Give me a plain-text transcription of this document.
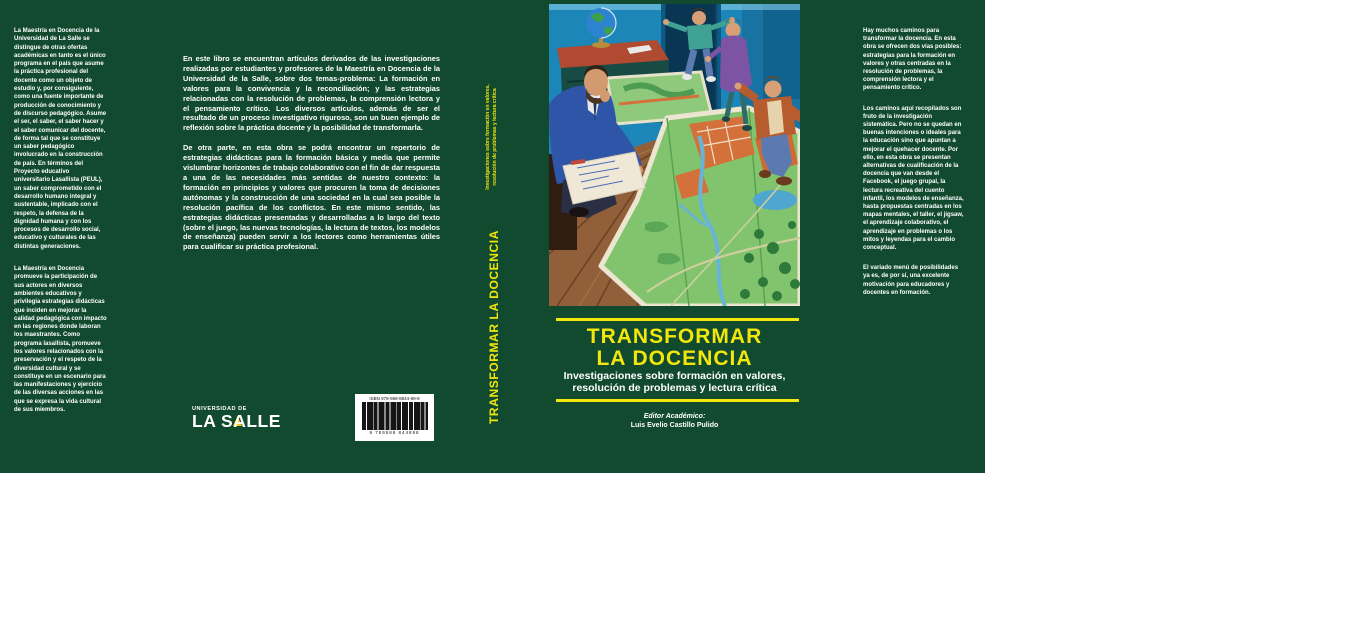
La Maestría en Docencia de la Universidad de La Salle se distingue de otras ofertas académicas en tanto es el único programa en el país que asume la práctica profesional del docente como un objeto de estudio y, por consiguiente, como una fuente importante de producción de conocimiento y de discurso pedagógico. Asume el ser, el saber, el saber hacer y el saber comunicar del docente, de forma tal que se constituye un saber pedagógico involucrado en la construcción de país. En términos del Proyecto educativo universitario Lasallista (PEUL), un saber comprometido con el desarrollo humano integral y sustentable, implicado con el respeto, la defensa de la dignidad humana y con los procesos de desarrollo social, educativo y culturales de las distintas generaciones.

La Maestría en Docencia promueve la participación de sus actores en diversos ambientes educativos y privilegia estrategias didácticas que inciden en mejorar la calidad pedagógica con impacto en las regiones donde laboran los maestrantes. Como programa lasallista, promueve los valores relacionados con la preservación y el respeto de la diversidad cultural y se constituye en un escenario para las manifestaciones y ejercicio de las diversas acciones en las que se expresa la vida cultural de sus miembros.

En este libro se encuentran artículos derivados de las investigaciones realizadas por estudiantes y profesores de la Maestría en Docencia de la Universidad de la Salle, sobre dos temas-problema: La formación en valores para la convivencia y la reconciliación; y las estrategias relacionadas con la resolución de problemas, la comprensión lectora y el pensamiento crítico. Los diversos artículos, además de ser el resultado de un proceso investigativo riguroso, son un buen ejemplo de reflexión sobre la práctica docente y la posibilidad de transformarla.

De otra parte, en esta obra se podrá encontrar un repertorio de estrategias didácticas para la formación básica y media que permite vislumbrar horizontes de trabajo colaborativo con el fin de dar respuesta a una de las necesidades más sentidas de nuestro contexto: la formación en principios y valores que procuren la toma de decisiones autónomas y la construcción de una sociedad en la cual sea posible la resolución pacífica de los conflictos. En este mismo sentido, las estrategias didácticas presentadas y desarrolladas a lo largo del texto (sobre el juego, las nuevas tecnologías, la lectura de textos, los modelos de enseñanza) pueden servir a los lectores como herramientas útiles para cualificar su práctica profesional.

UNIVERSIDAD DE
LA SALLE
ISBN 978-958-8844-89-8
9 789588 844898
Investigaciones sobre formación en valores, resolución de problemas y lectura crítica
TRANSFORMAR LA DOCENCIA	TRANSFORMAR
LA DOCENCIA
Investigaciones sobre formación en valores,
resolución de problemas y lectura crítica
Editor Académico:
Luis Evelio Castillo Pulido

Hay muchos caminos para transformar la docencia. En esta obra se ofrecen dos vías posibles: estrategias para la formación en valores y otras centradas en la resolución de problemas, la comprensión lectora y el pensamiento crítico.

Los caminos aquí recopilados son fruto de la investigación sistemática. Pero no se quedan en buenas intenciones o ideales para la educación sino que apuntan a mejorar el quehacer docente. Por ello, en esta obra se presentan alternativas de cualificación de la docencia que van desde el Facebook, el juego grupal, la lectura recreativa del cuento infantil, los modelos de enseñanza, hasta propuestas centradas en los mapas mentales, el taller, el jigsaw, el aprendizaje colaborativo, el aprendizaje en problemas o los mitos y leyendas para el cambio conceptual.

El variado menú de posibilidades ya es, de por sí, una excelente motivación para educadores y docentes en formación.
